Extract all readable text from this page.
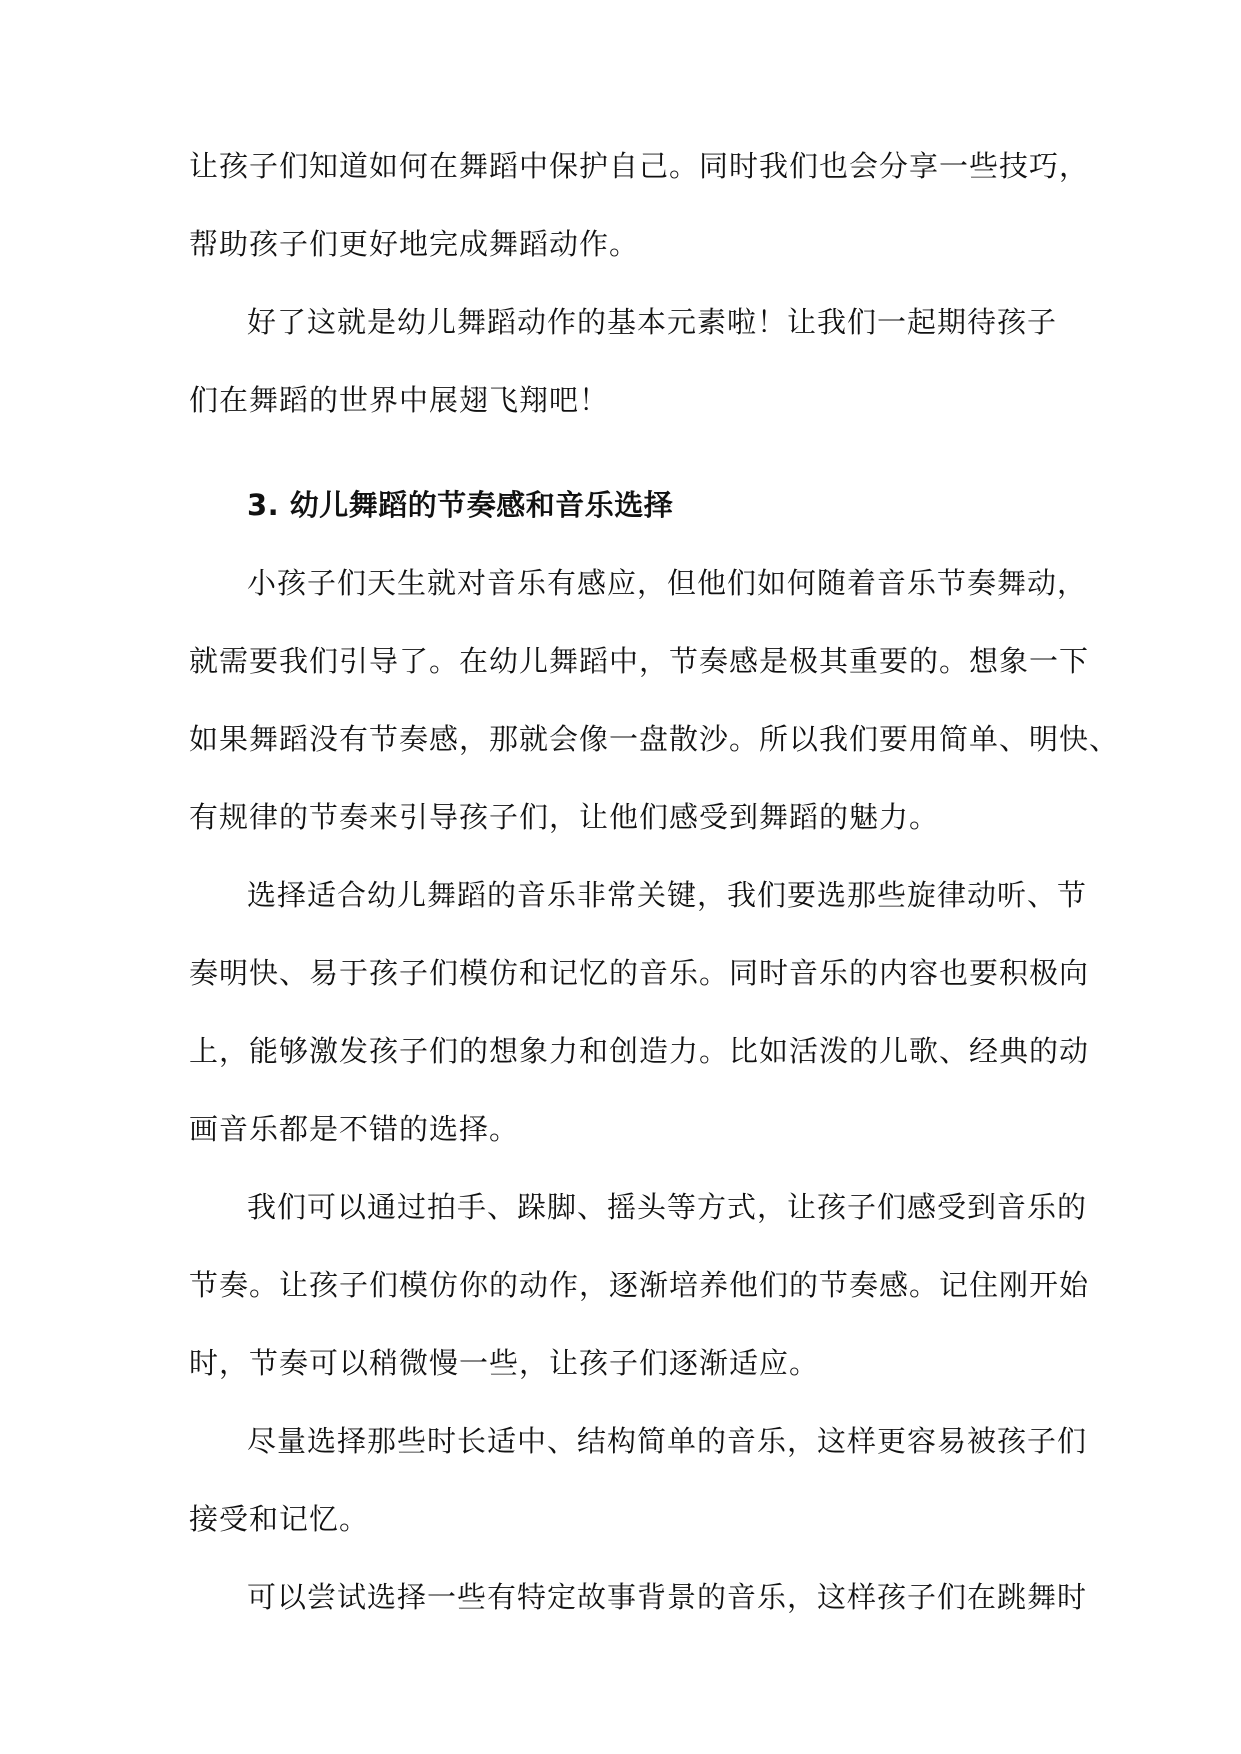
让孩子们知道如何在舞蹈中保护自己。同时我们也会分享一些技巧，
帮助孩子们更好地完成舞蹈动作。
好了这就是幼儿舞蹈动作的基本元素啦！让我们一起期待孩子
们在舞蹈的世界中展翅飞翔吧！
3. 幼儿舞蹈的节奏感和音乐选择
小孩子们天生就对音乐有感应，但他们如何随着音乐节奏舞动，
就需要我们引导了。在幼儿舞蹈中，节奏感是极其重要的。想象一下
如果舞蹈没有节奏感，那就会像一盘散沙。所以我们要用简单、明快、
有规律的节奏来引导孩子们，让他们感受到舞蹈的魅力。
选择适合幼儿舞蹈的音乐非常关键，我们要选那些旋律动听、节
奏明快、易于孩子们模仿和记忆的音乐。同时音乐的内容也要积极向
上，能够激发孩子们的想象力和创造力。比如活泼的儿歌、经典的动
画音乐都是不错的选择。
我们可以通过拍手、跺脚、摇头等方式，让孩子们感受到音乐的
节奏。让孩子们模仿你的动作，逐渐培养他们的节奏感。记住刚开始
时，节奏可以稍微慢一些，让孩子们逐渐适应。
尽量选择那些时长适中、结构简单的音乐，这样更容易被孩子们
接受和记忆。
可以尝试选择一些有特定故事背景的音乐，这样孩子们在跳舞时
